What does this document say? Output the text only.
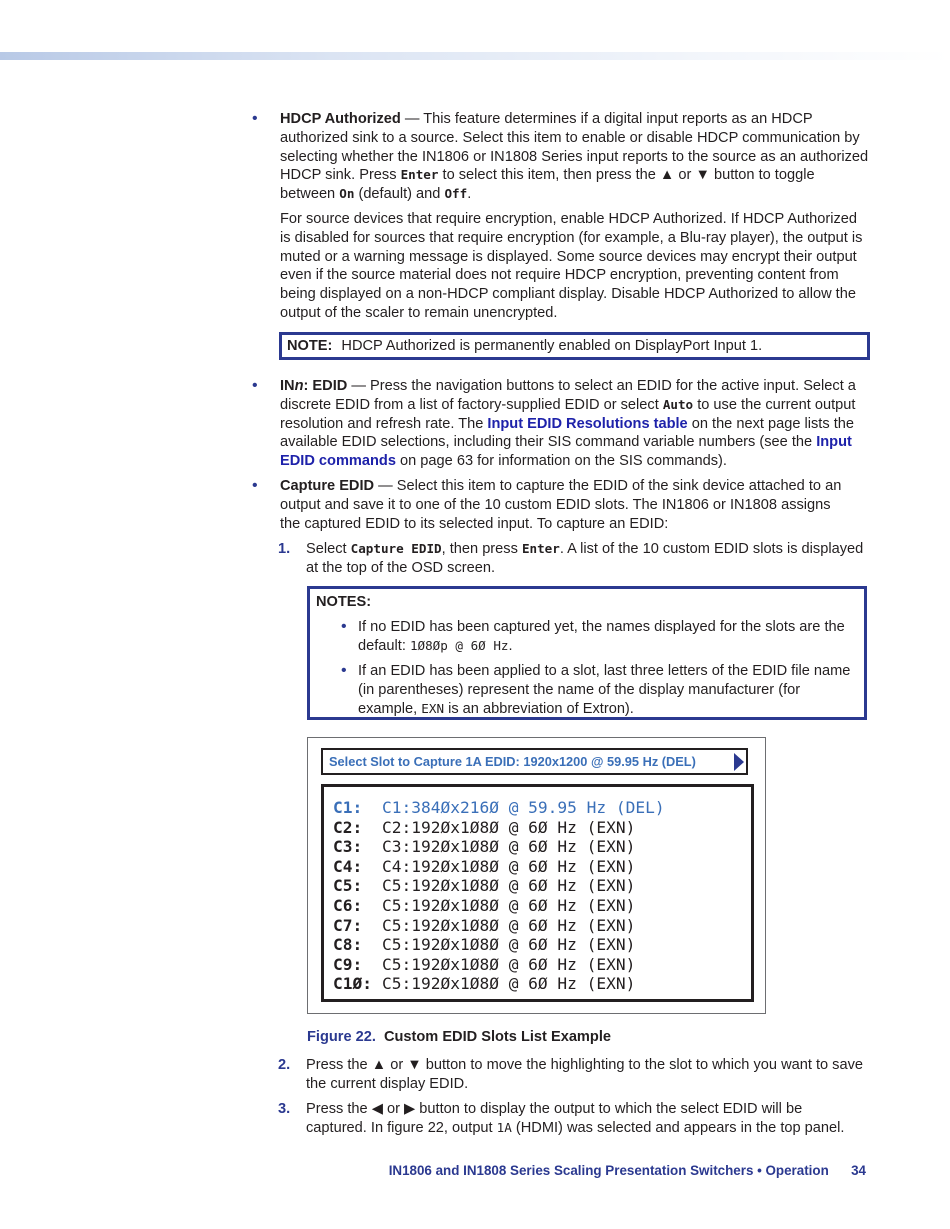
•	HDCP Authorized — This feature determines if a digital input reports as an HDCP authorized sink to a source. Select this item to enable or disable HDCP communication by selecting whether the IN1806 or IN1808 Series input reports to the source as an authorized HDCP sink. Press Enter to select this item, then press the ▲ or ▼ button to toggle between On (default) and Off.

For source devices that require encryption, enable HDCP Authorized. If HDCP Authorized is disabled for sources that require encryption (for example, a Blu-ray player), the output is muted or a warning message is displayed. Some source devices may encrypt their output even if the source material does not require HDCP encryption, preventing content from being displayed on a non-HDCP compliant display. Disable HDCP Authorized to allow the output of the scaler to remain unencrypted.

NOTE: HDCP Authorized is permanently enabled on DisplayPort Input 1.
•	INn: EDID — Press the navigation buttons to select an EDID for the active input. Select a discrete EDID from a list of factory-supplied EDID or select Auto to use the current output resolution and refresh rate. The Input EDID Resolutions table on the next page lists the available EDID selections, including their SIS command variable numbers (see the Input EDID commands on page 63 for information on the SIS commands).

•	Capture EDID — Select this item to capture the EDID of the sink device attached to an output and save it to one of the 10 custom EDID slots. The IN1806 or IN1808 assigns the captured EDID to its selected input. To capture an EDID:

1.	Select Capture EDID, then press Enter. A list of the 10 custom EDID slots is displayed at the top of the OSD screen.
NOTES:
• If no EDID has been captured yet, the names displayed for the slots are the default: 1Ø8Øp @ 6Ø Hz.
• If an EDID has been applied to a slot, last three letters of the EDID file name (in parentheses) represent the name of the display manufacturer (for example, EXN is an abbreviation of Extron).
Select Slot to Capture 1A EDID: 1920x1200 @ 59.95 Hz (DEL)
C1: C1:384Øx216Ø @ 59.95 Hz (DEL)
C2: C2:192Øx1Ø8Ø @ 6Ø Hz (EXN)
C3: C3:192Øx1Ø8Ø @ 6Ø Hz (EXN)
C4: C4:192Øx1Ø8Ø @ 6Ø Hz (EXN)
C5: C5:192Øx1Ø8Ø @ 6Ø Hz (EXN)
C6: C5:192Øx1Ø8Ø @ 6Ø Hz (EXN)
C7: C5:192Øx1Ø8Ø @ 6Ø Hz (EXN)
C8: C5:192Øx1Ø8Ø @ 6Ø Hz (EXN)
C9: C5:192Øx1Ø8Ø @ 6Ø Hz (EXN)
C1Ø: C5:192Øx1Ø8Ø @ 6Ø Hz (EXN)
Figure 22. Custom EDID Slots List Example
2.	Press the ▲ or ▼ button to move the highlighting to the slot to which you want to save the current display EDID.
3.	Press the ◀ or ▶ button to display the output to which the select EDID will be captured. In figure 22, output 1A (HDMI) was selected and appears in the top panel.
IN1806 and IN1808 Series Scaling Presentation Switchers • Operation 34
